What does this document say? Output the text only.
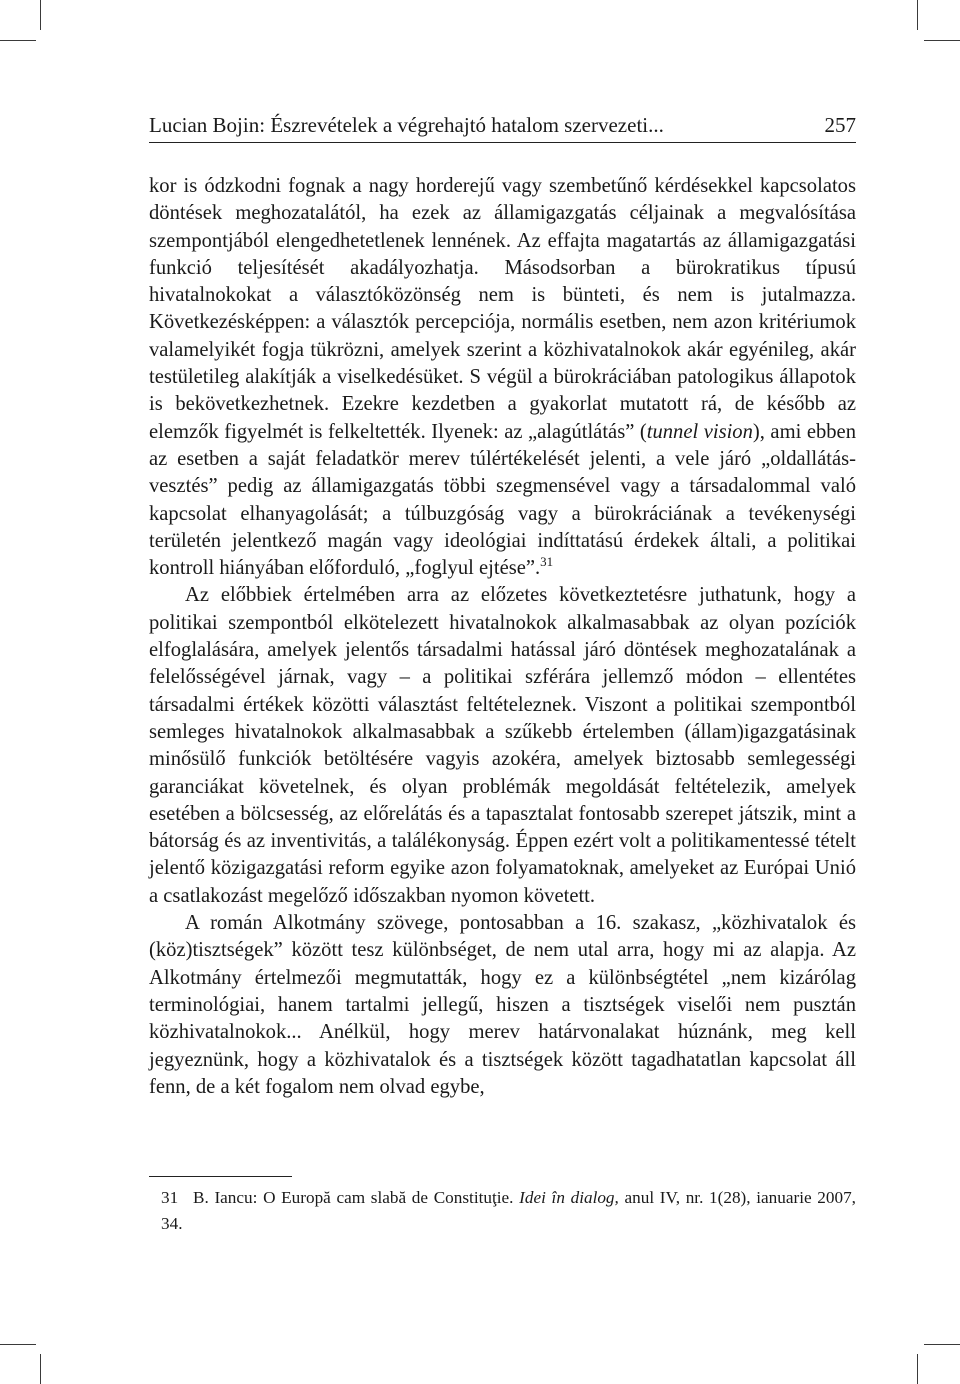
Lucian Bojin: Észrevételek a végrehajtó hatalom szervezeti...	257

kor is ódzkodni fognak a nagy horderejű vagy szembetűnő kérdésekkel kapcsolatos döntések meghozatalától, ha ezek az államigazgatás céljainak a megvalósítása szempontjából elengedhetetlenek lennének. Az effajta magatartás az államigazgatási funkció teljesítését akadályozhatja. Másodsorban a bürokratikus típusú hivatalnokokat a választóközönség nem is bünteti, és nem is jutalmazza. Következésképpen: a választók percepciója, normális esetben, nem azon kritériumok valamelyikét fogja tükrözni, amelyek szerint a közhivatalnokok akár egyénileg, akár testületileg alakítják a viselkedésüket. S végül a bürokráciában patologikus állapotok is bekövetkezhetnek. Ezekre kezdetben a gyakorlat mutatott rá, de később az elemzők figyelmét is felkeltették. Ilyenek: az „alagútlátás” (tunnel vision), ami ebben az esetben a saját feladatkör merev túlértékelését jelenti, a vele járó „oldallátásvesztés” pedig az államigazgatás többi szegmensével vagy a társadalommal való kapcsolat elhanyagolását; a túlbuzgóság vagy a bürokráciának a tevékenységi területén jelentkező magán vagy ideológiai indíttatású érdekek általi, a politikai kontroll hiányában előforduló, „foglyul ejtése”.$^{31}$

Az előbbiek értelmében arra az előzetes következtetésre juthatunk, hogy a politikai szempontból elkötelezett hivatalnokok alkalmasabbak az olyan pozíciók elfoglalására, amelyek jelentős társadalmi hatással járó döntések meghozatalának a felelősségével járnak, vagy – a politikai szférára jellemző módon – ellentétes társadalmi értékek közötti választást feltételeznek. Viszont a politikai szempontból semleges hivatalnokok alkalmasabbak a szűkebb értelemben (állam)igazgatásinak minősülő funkciók betöltésére vagyis azokéra, amelyek biztosabb semlegességi garanciákat követelnek, és olyan problémák megoldását feltételezik, amelyek esetében a bölcsesség, az előrelátás és a tapasztalat fontosabb szerepet játszik, mint a bátorság és az inventivitás, a találékonyság. Éppen ezért volt a politikamentessé tételt jelentő közigazgatási reform egyike azon folyamatoknak, amelyeket az Európai Unió a csatlakozást megelőző időszakban nyomon követett.

A román Alkotmány szövege, pontosabban a 16. szakasz, „közhivatalok és (köz)tisztségek” között tesz különbséget, de nem utal arra, hogy mi az alapja. Az Alkotmány értelmezői megmutatták, hogy ez a különbségtétel „nem kizárólag terminológiai, hanem tartalmi jellegű, hiszen a tisztségek viselői nem pusztán közhivatalnokok... Anélkül, hogy merev határvonalakat húznánk, meg kell jegyeznünk, hogy a közhivatalok és a tisztségek között tagadhatatlan kapcsolat áll fenn, de a két fogalom nem olvad egybe,

31 B. Iancu: O Europă cam slabă de Constituţie. Idei în dialog, anul IV, nr. 1(28), ianuarie 2007, 34.
